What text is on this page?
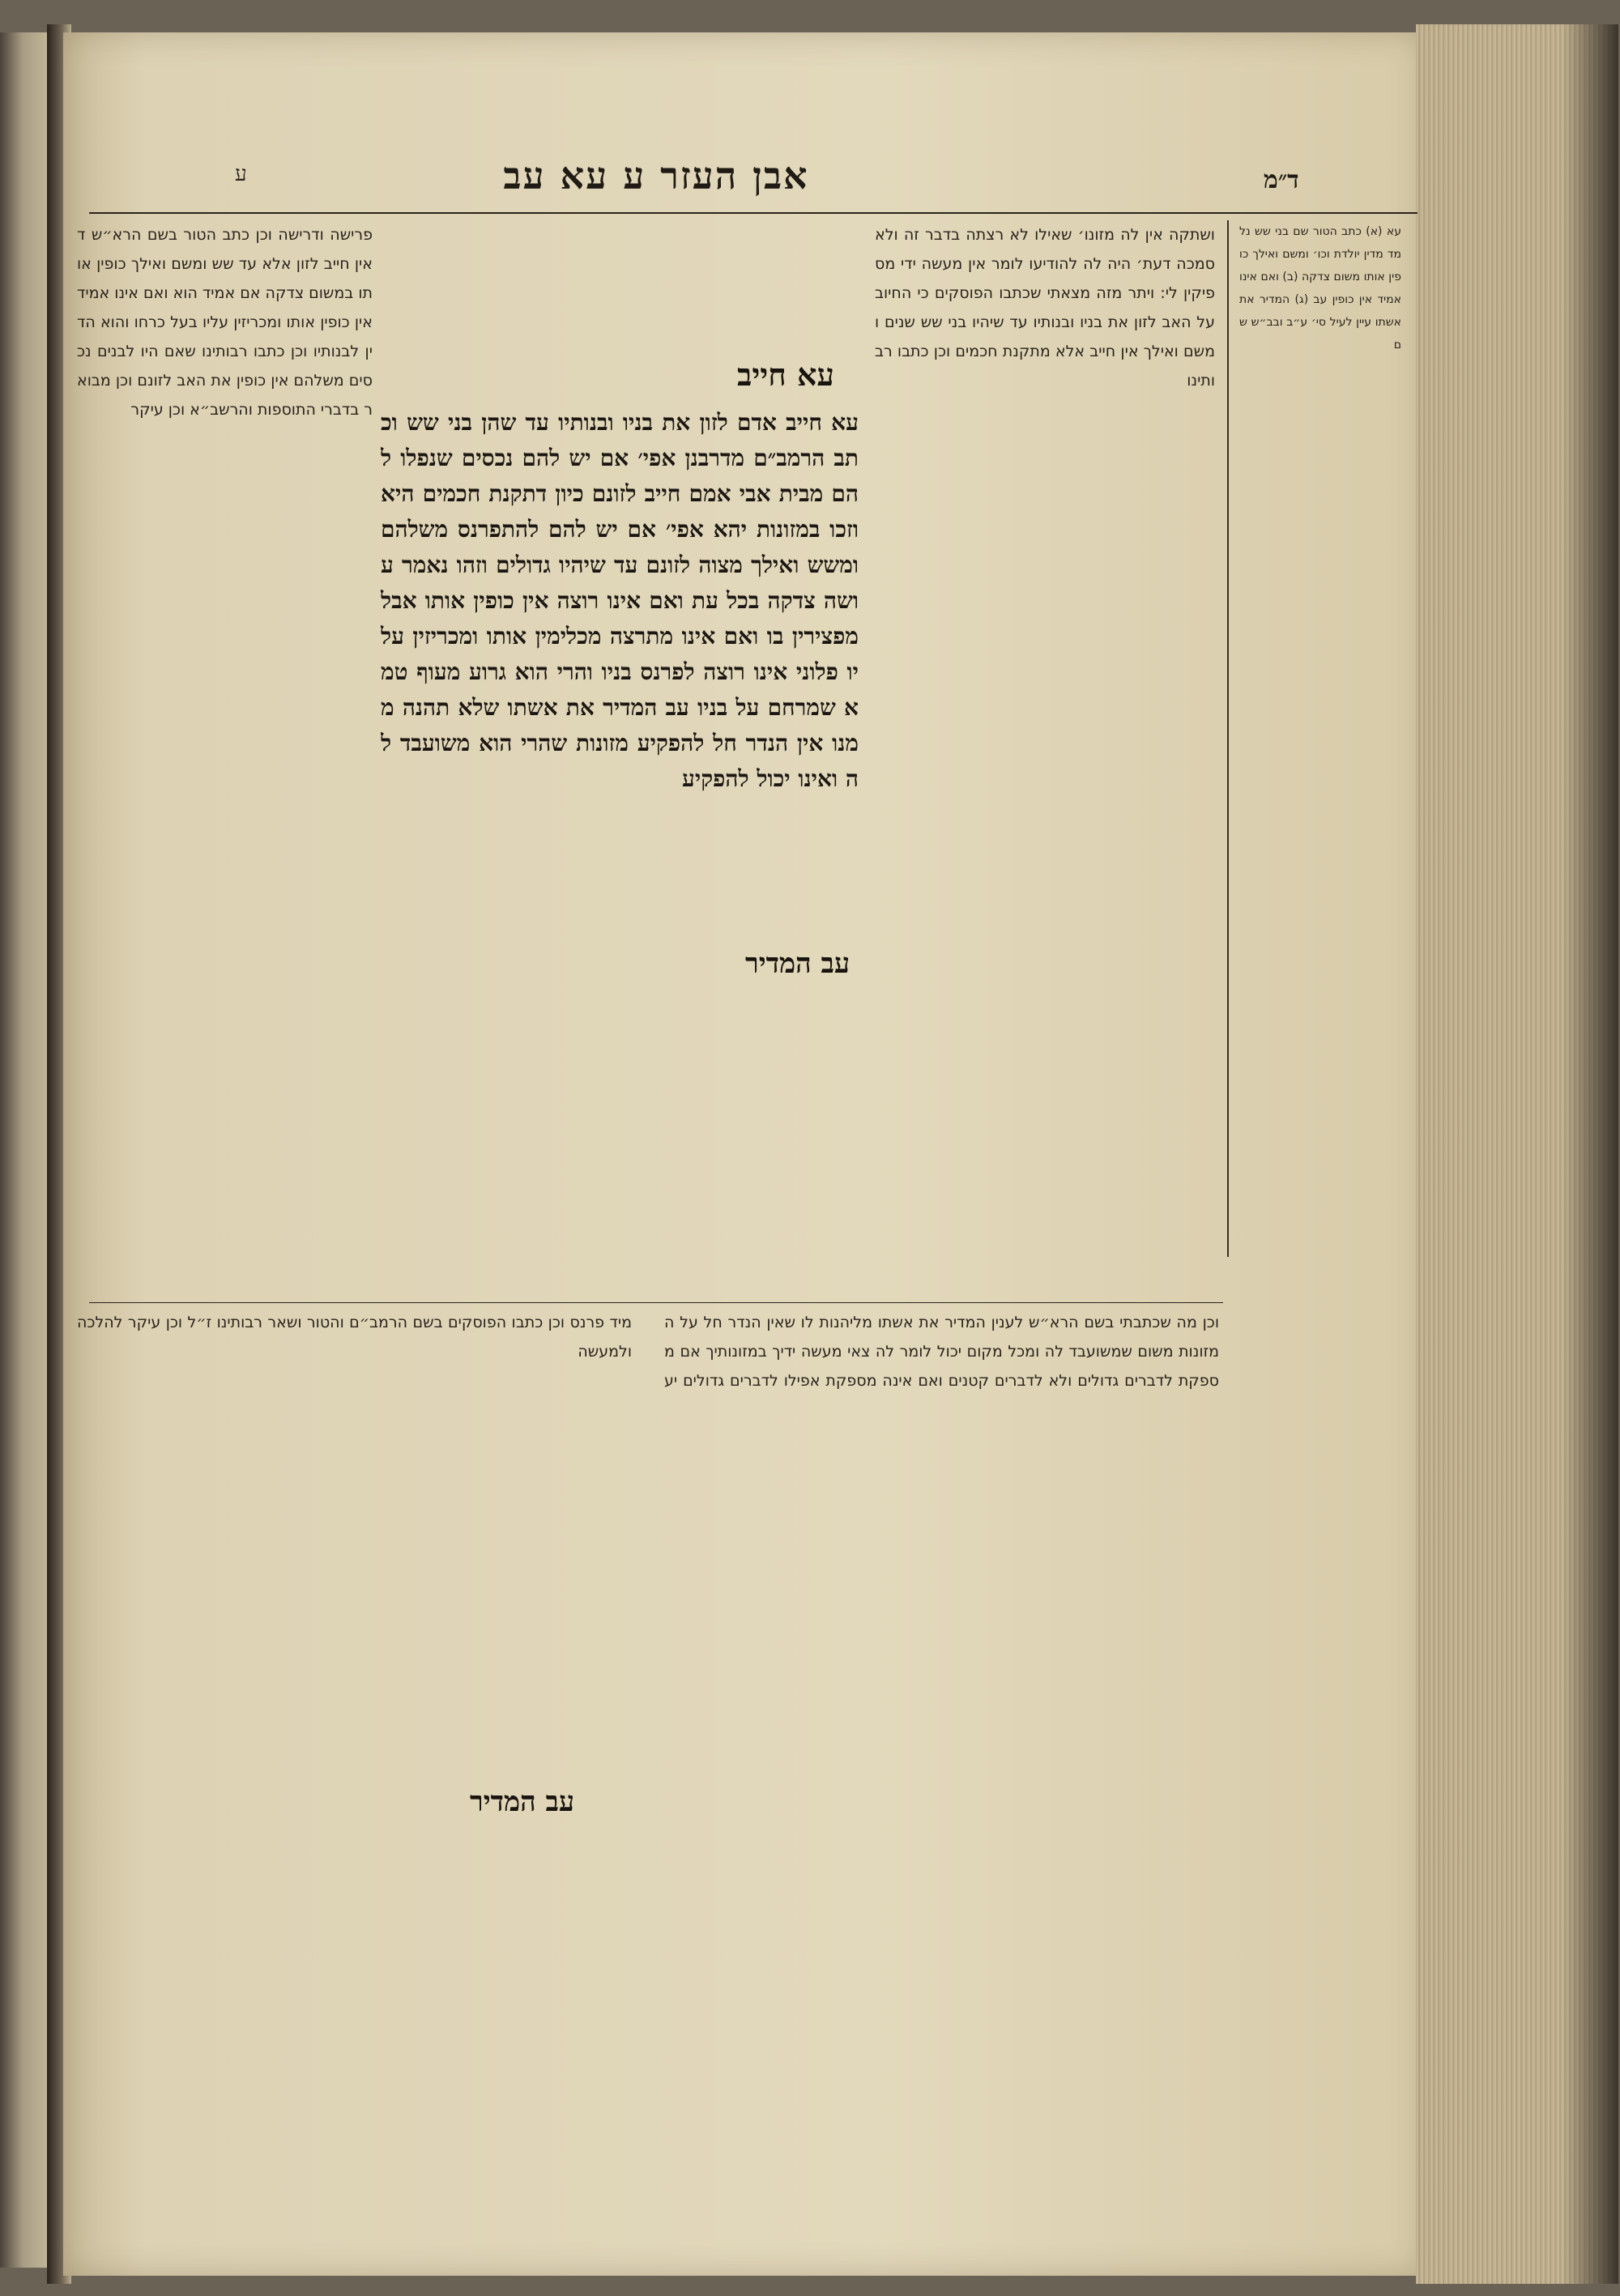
אבן העזר ע עא עב	ד״מ
ע
עא (א) כתב הטור שם בני שש נלמד מדין יולדת וכו׳ ומשם ואילך כופין אותו משום צדקה (ב) ואם אינו אמיד אין כופין עב (ג) המדיר את אשתו עיין לעיל סי׳ ע״ב ובב״ש שם
ושתקה אין לה מזונו׳ שאילו לא רצתה בדבר זה ולא סמכה דעת׳ היה לה להודיעו לומר אין מעשה ידי מספיקין לי: ויתר מזה מצאתי שכתבו הפוסקים כי החיוב על האב לזון את בניו ובנותיו עד שיהיו בני שש שנים ומשם ואילך אין חייב אלא מתקנת חכמים וכן כתבו רבותינו
עא חייב
עא חייב אדם לזון את בניו ובנותיו עד שהן בני שש וכתב הרמב״ם מדרבנן אפי׳ אם יש להם נכסים שנפלו להם מבית אבי אמם חייב לזונם כיון דתקנת חכמים היא וזכו במזונות יהא אפי׳ אם יש להם להתפרנס משלהם ומשש ואילך מצוה לזונם עד שיהיו גדולים וזהו נאמר עושה צדקה בכל עת ואם אינו רוצה אין כופין אותו אבל מפצירין בו ואם אינו מתרצה מכלימין אותו ומכריזין עליו פלוני אינו רוצה לפרנס בניו והרי הוא גרוע מעוף טמא שמרחם על בניו עב המדיר את אשתו שלא תהנה ממנו אין הנדר חל להפקיע מזונות שהרי הוא משועבד לה ואינו יכול להפקיע
עב המדיר
פרישה ודרישה וכן כתב הטור בשם הרא״ש דאין חייב לזון אלא עד שש ומשם ואילך כופין אותו במשום צדקה אם אמיד הוא ואם אינו אמיד אין כופין אותו ומכריזין עליו בעל כרחו והוא הדין לבנותיו וכן כתבו רבותינו שאם היו לבנים נכסים משלהם אין כופין את האב לזונם וכן מבואר בדברי התוספות והרשב״א וכן עיקר
וכן מה שכתבתי בשם הרא״ש לענין המדיר את אשתו מליהנות לו שאין הנדר חל על המזונות משום שמשועבד לה ומכל מקום יכול לומר לה צאי מעשה ידיך במזונותיך אם מספקת לדברים גדולים ולא לדברים קטנים ואם אינה מספקת אפילו לדברים גדולים יעמיד פרנס וכן כתבו הפוסקים בשם הרמב״ם והטור ושאר רבותינו ז״ל וכן עיקר להלכה ולמעשה
עב המדיר
